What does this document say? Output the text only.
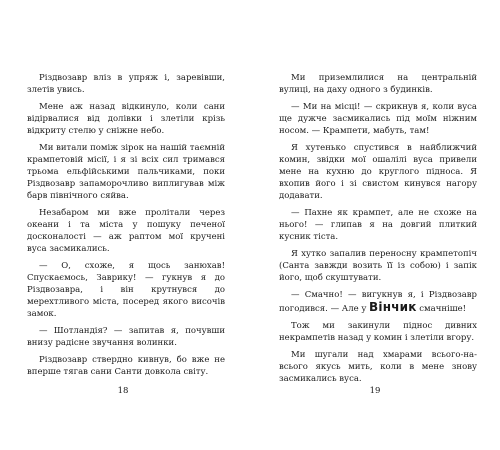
Різдвозавр вліз в упряж і, заревівши, злетів увись.

Мене аж назад відкинуло, коли сани відірвалися від долівки і злетіли крізь відкриту стелю у сніжне небо.

Ми витали поміж зірок на нашій таємній крампетовій місії, і я зі всіх сил тримався трьома ельфійськими пальчиками, поки Різдвозавр запаморочливо виплигував між барв північного сяйва.

Незабаром ми вже пролітали через океани і та міста у пошуку печеної досконалості — аж раптом мої кручені вуса засмикались.

— О, схоже, я щось занюхав! Спускаємось, Заврику! — гукнув я до Різдвозавра, і він крутнувся до мерехтливого міста, посеред якого височів замок.

— Шотландія? — запитав я, почувши внизу радісне звучання волинки.

Різдвозавр ствердно кивнув, бо вже не вперше тягав сани Санти довкола світу.

18

Ми приземлилися на центральній вулиці, на даху одного з будинків.

— Ми на місці! — скрикнув я, коли вуса ще дужче засмикались під моїм ніжним носом. — Крампети, мабуть, там!

Я хутенько спустився в найближчий комин, звідки мої ошалілі вуса привели мене на кухню до круглого підноса. Я вхопив його і зі свистом кинувся нагору додавати.

— Пахне як крампет, але не схоже на нього! — глипав я на довгий плиткий кусник тіста.

Я хутко запалив переносну крампетопіч (Санта завжди возить її із собою) і запік його, щоб скуштувати.

— Смачно! — вигукнув я, і Різдвозавр погодився. — Але у Вінчик смачніше!

Тож ми закинули піднос дивних некрампетів назад у комин і злетіли вгору.

Ми шугали над хмарами всього-на-всього якусь мить, коли в мене знову засмикались вуса.

19
